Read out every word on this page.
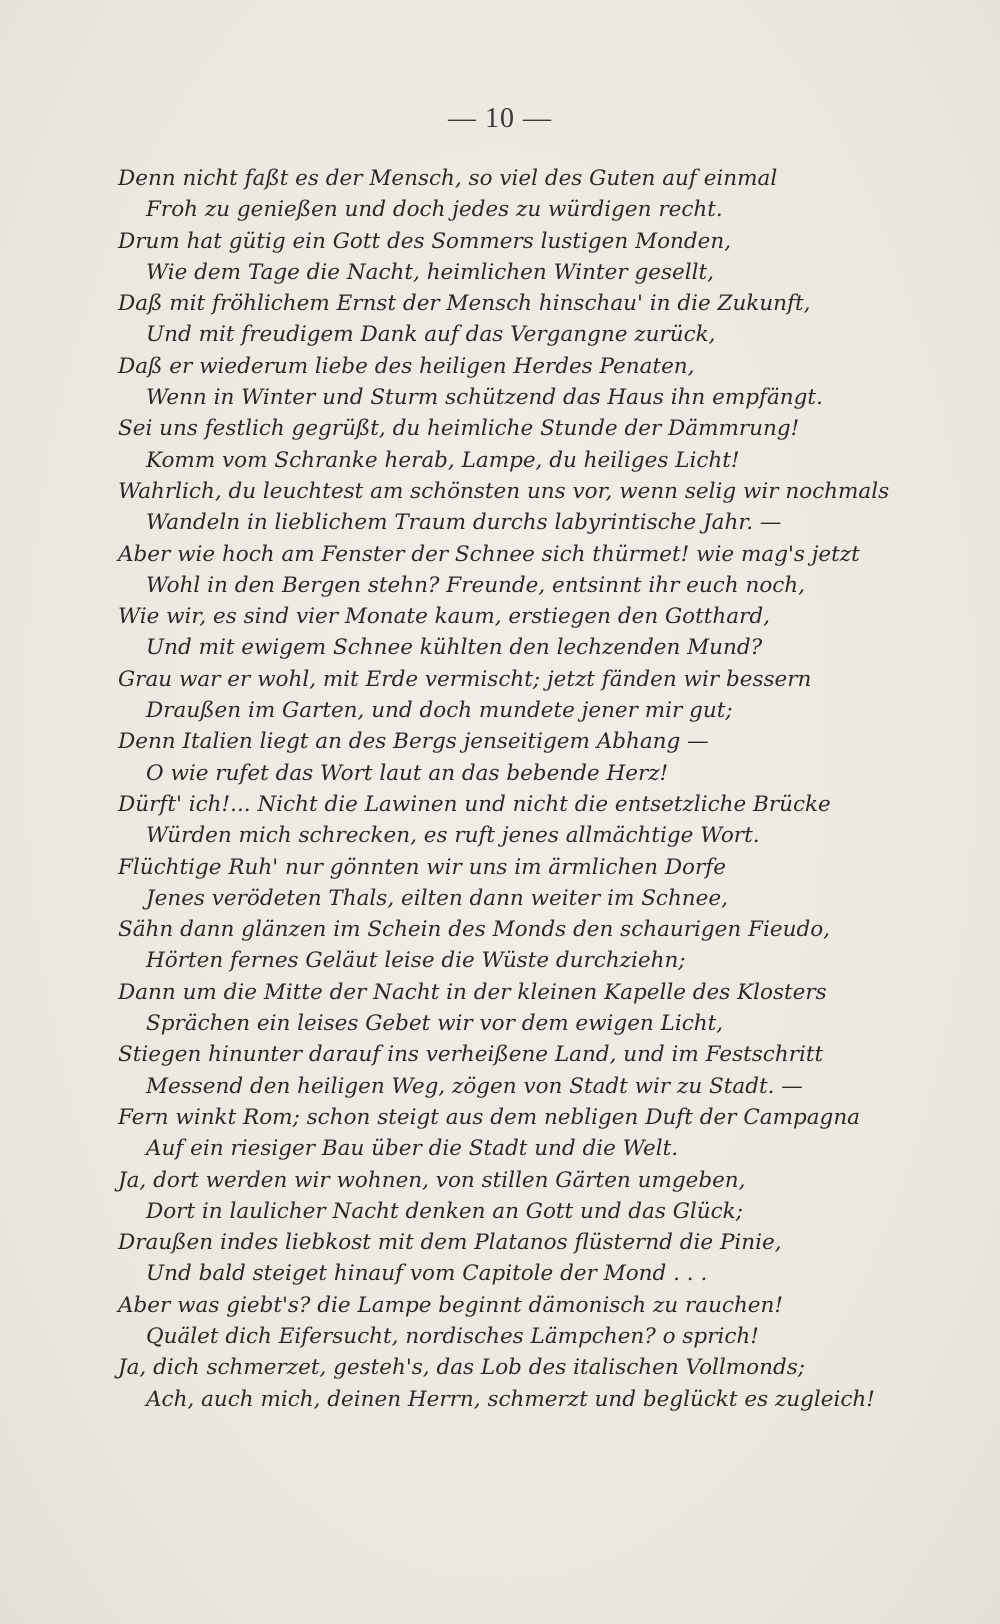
— 10 —
Denn nicht faßt es der Mensch, so viel des Guten auf einmal
Froh zu genießen und doch jedes zu würdigen recht.
Drum hat gütig ein Gott des Sommers lustigen Monden,
Wie dem Tage die Nacht, heimlichen Winter gesellt,
Daß mit fröhlichem Ernst der Mensch hinschau' in die Zukunft,
Und mit freudigem Dank auf das Vergangne zurück,
Daß er wiederum liebe des heiligen Herdes Penaten,
Wenn in Winter und Sturm schützend das Haus ihn empfängt.
Sei uns festlich gegrüßt, du heimliche Stunde der Dämmrung!
Komm vom Schranke herab, Lampe, du heiliges Licht!
Wahrlich, du leuchtest am schönsten uns vor, wenn selig wir nochmals
Wandeln in lieblichem Traum durchs labyrintische Jahr. —
Aber wie hoch am Fenster der Schnee sich thürmet! wie mag's jetzt
Wohl in den Bergen stehn? Freunde, entsinnt ihr euch noch,
Wie wir, es sind vier Monate kaum, erstiegen den Gotthard,
Und mit ewigem Schnee kühlten den lechzenden Mund?
Grau war er wohl, mit Erde vermischt; jetzt fänden wir bessern
Draußen im Garten, und doch mundete jener mir gut;
Denn Italien liegt an des Bergs jenseitigem Abhang —
O wie rufet das Wort laut an das bebende Herz!
Dürft' ich!... Nicht die Lawinen und nicht die entsetzliche Brücke
Würden mich schrecken, es ruft jenes allmächtige Wort.
Flüchtige Ruh' nur gönnten wir uns im ärmlichen Dorfe
Jenes verödeten Thals, eilten dann weiter im Schnee,
Sähn dann glänzen im Schein des Monds den schaurigen Fieudo,
Hörten fernes Geläut leise die Wüste durchziehn;
Dann um die Mitte der Nacht in der kleinen Kapelle des Klosters
Sprächen ein leises Gebet wir vor dem ewigen Licht,
Stiegen hinunter darauf ins verheißene Land, und im Festschritt
Messend den heiligen Weg, zögen von Stadt wir zu Stadt. —
Fern winkt Rom; schon steigt aus dem nebligen Duft der Campagna
Auf ein riesiger Bau über die Stadt und die Welt.
Ja, dort werden wir wohnen, von stillen Gärten umgeben,
Dort in laulicher Nacht denken an Gott und das Glück;
Draußen indes liebkost mit dem Platanos flüsternd die Pinie,
Und bald steiget hinauf vom Capitole der Mond . . .
Aber was giebt's? die Lampe beginnt dämonisch zu rauchen!
Quälet dich Eifersucht, nordisches Lämpchen? o sprich!
Ja, dich schmerzet, gesteh's, das Lob des italischen Vollmonds;
Ach, auch mich, deinen Herrn, schmerzt und beglückt es zugleich!
